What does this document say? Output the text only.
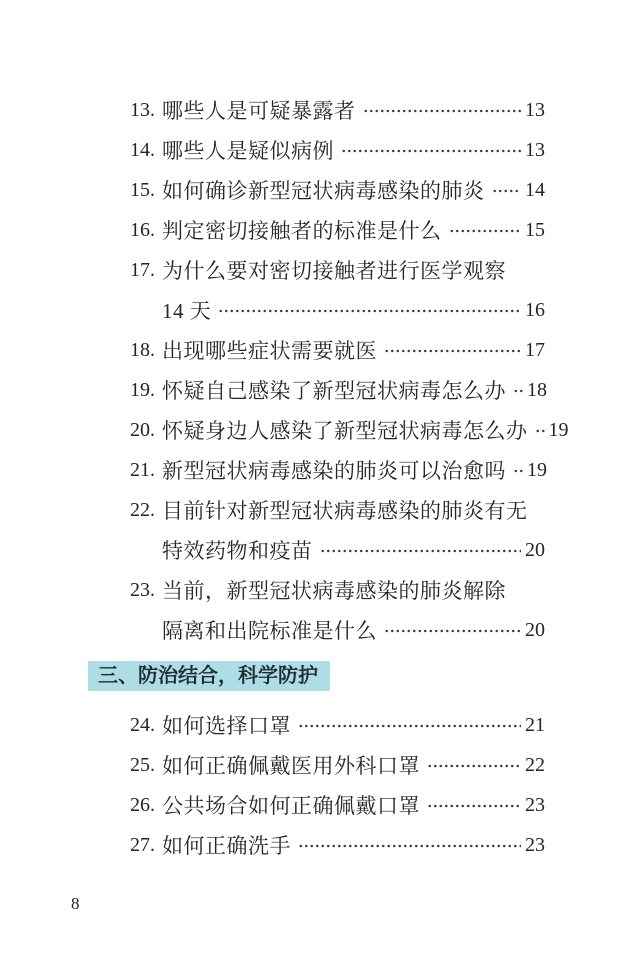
13. 哪些人是可疑暴露者	13
14. 哪些人是疑似病例	13
15. 如何确诊新型冠状病毒感染的肺炎 14
16. 判定密切接触者的标准是什么	15
17. 为什么要对密切接触者进行医学观察
14 天	16
18. 出现哪些症状需要就医	17
19. 怀疑自己感染了新型冠状病毒怎么办 18
20. 怀疑身边人感染了新型冠状病毒怎么办 19
21. 新型冠状病毒感染的肺炎可以治愈吗 19
22. 目前针对新型冠状病毒感染的肺炎有无
特效药物和疫苗	20
23. 当前，新型冠状病毒感染的肺炎解除
隔离和出院标准是什么	20
三、防治结合，科学防护
24. 如何选择口罩	21
25. 如何正确佩戴医用外科口罩	22
26. 公共场合如何正确佩戴口罩	23
27. 如何正确洗手	23
8
